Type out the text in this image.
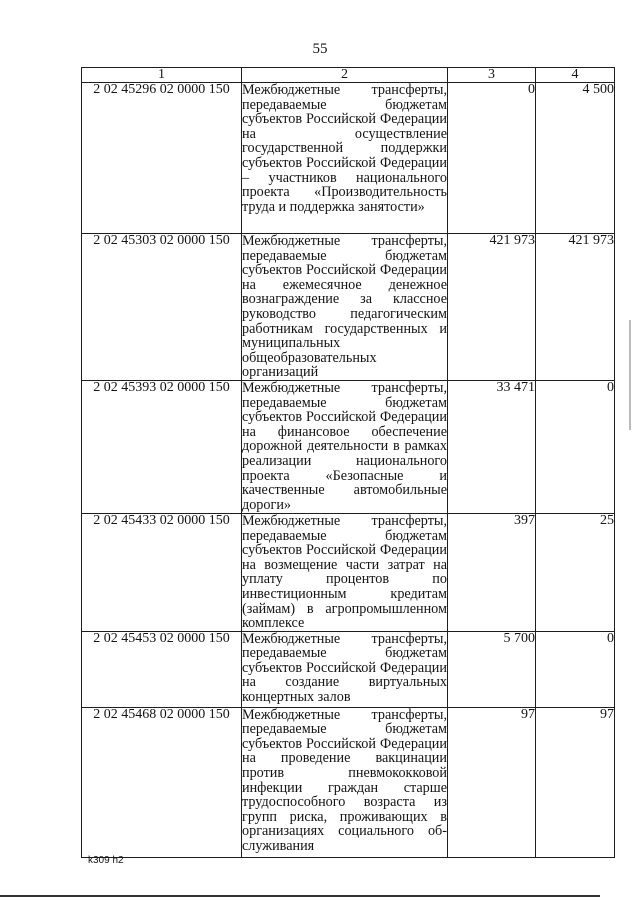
55
1	2	3	4
2 02 45296 02 0000 150	Межбюджетные трансферты, передаваемые бюджетам субъектов Российской Федерации на осуществление государственной поддержки субъектов Российской Федерации – участников национального проекта «Производительность труда и поддержка занятости»	0	4 500
2 02 45303 02 0000 150	Межбюджетные трансферты, передаваемые бюджетам субъектов Российской Федерации на ежемесячное денежное вознаграждение за классное руководство педагогическим работникам государственных и муниципальных общеобразовательных организаций	421 973	421 973
2 02 45393 02 0000 150	Межбюджетные трансферты, передаваемые бюджетам субъектов Российской Федерации на финансовое обеспечение дорожной деятельности в рамках реализации национального проекта «Безопасные и качественные автомобильные дороги»	33 471	0
2 02 45433 02 0000 150	Межбюджетные трансферты, передаваемые бюджетам субъектов Российской Федерации на возмещение части затрат на уплату процентов по инвестиционным кредитам (займам) в агропромышленном комплексе	397	25
2 02 45453 02 0000 150	Межбюджетные трансферты, передаваемые бюджетам субъектов Российской Федерации на создание виртуальных концертных залов	5 700	0
2 02 45468 02 0000 150	Межбюджетные трансферты, передаваемые бюджетам субъектов Российской Федерации на проведение вакцинации против пневмококковой инфекции граждан старше трудоспособного возраста из групп риска, проживающих в организациях социального обслуживания	97	97
k309 h2
